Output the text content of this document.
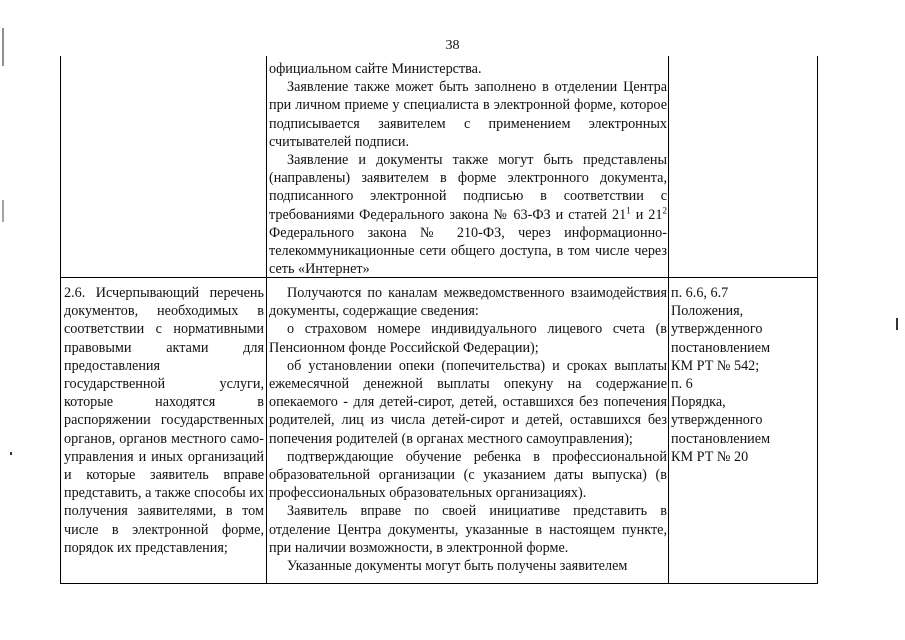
38

официальном сайте Министерства.

Заявление также может быть заполнено в отделении Центра при личном приеме у специалиста в электронной форме, которое подписывается заявителем с применением электронных считывателей подписи.

Заявление и документы также могут быть представлены (направлены) заявителем в форме электронного документа, подписанного электронной подписью в соответствии с требованиями Федерального закона № 63-ФЗ и статей $21^1$ и $21^2$ Федерального закона № 210-ФЗ, через информационно-телекоммуникационные сети общего доступа, в том числе через сеть «Интернет»

2.6. Исчерпывающий перечень документов, необходимых в соответствии с нормативными правовыми актами для предоставления государственной услуги, которые находятся в распоряжении государственных органов, органов местного само-управления и иных организаций и которые заявитель вправе представить, а также способы их получения заявителями, в том числе в электронной форме, порядок их представления;

Получаются по каналам межведомственного взаимодействия документы, содержащие сведения:

о страховом номере индивидуального лицевого счета (в Пенсионном фонде Российской Федерации);

об установлении опеки (попечительства) и сроках выплаты ежемесячной денежной выплаты опекуну на содержание опекаемого - для детей-сирот, детей, оставшихся без попечения родителей, лиц из числа детей-сирот и детей, оставшихся без попечения родителей (в органах местного самоуправления);

подтверждающие обучение ребенка в профессиональной образовательной организации (с указанием даты выпуска) (в профессиональных образовательных организациях).

Заявитель вправе по своей инициативе представить в отделение Центра документы, указанные в настоящем пункте, при наличии возможности, в электронной форме.

Указанные документы могут быть получены заявителем

п. 6.6, 6.7

Положения,

утвержденного

постановлением

КМ РТ № 542;

п. 6

Порядка,

утвержденного

постановлением

КМ РТ № 20
